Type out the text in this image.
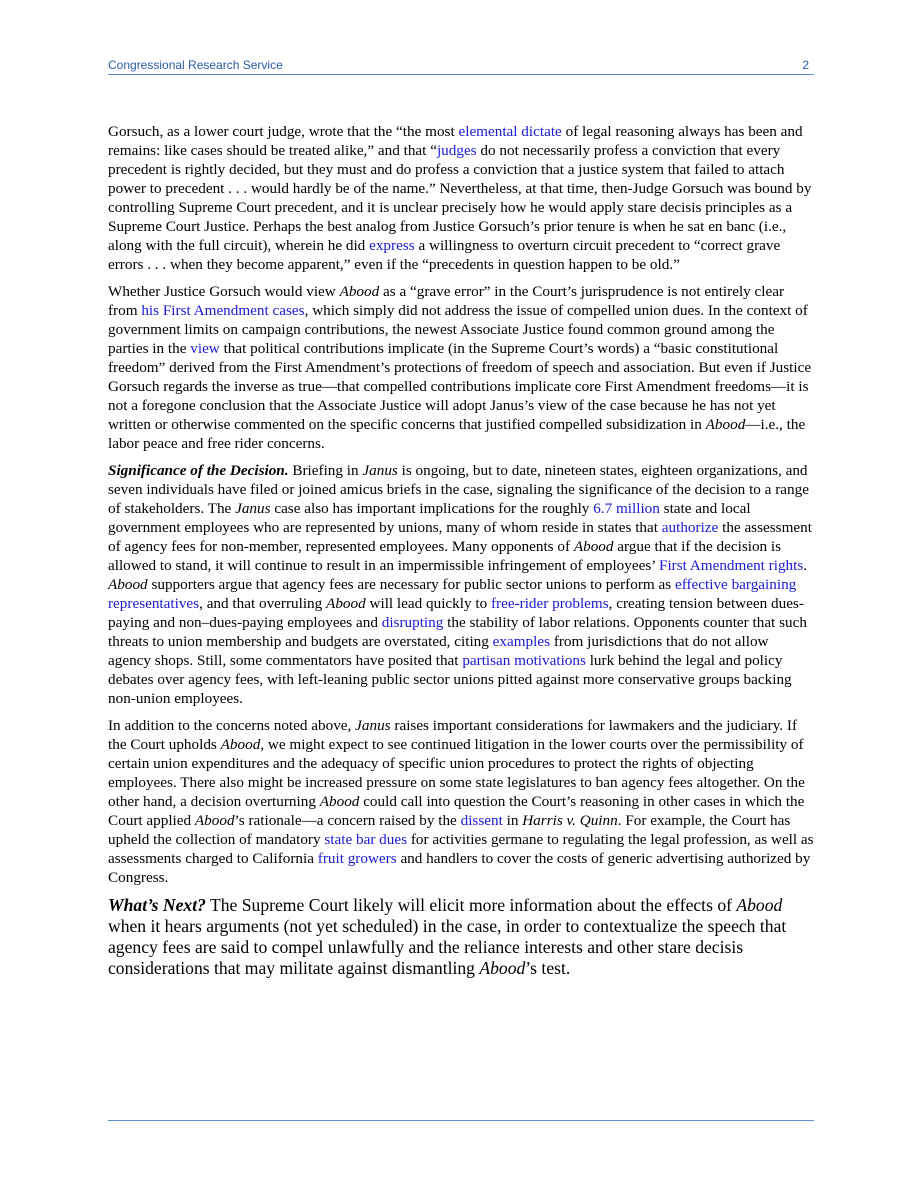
Congressional Research Service	2

Gorsuch, as a lower court judge, wrote that the “the most elemental dictate of legal reasoning always has been and remains: like cases should be treated alike,” and that “judges do not necessarily profess a conviction that every precedent is rightly decided, but they must and do profess a conviction that a justice system that failed to attach power to precedent . . . would hardly be of the name.” Nevertheless, at that time, then-Judge Gorsuch was bound by controlling Supreme Court precedent, and it is unclear precisely how he would apply stare decisis principles as a Supreme Court Justice. Perhaps the best analog from Justice Gorsuch’s prior tenure is when he sat en banc (i.e., along with the full circuit), wherein he did express a willingness to overturn circuit precedent to “correct grave errors . . . when they become apparent,” even if the “precedents in question happen to be old.”

Whether Justice Gorsuch would view Abood as a “grave error” in the Court’s jurisprudence is not entirely clear from his First Amendment cases, which simply did not address the issue of compelled union dues. In the context of government limits on campaign contributions, the newest Associate Justice found common ground among the parties in the view that political contributions implicate (in the Supreme Court’s words) a “basic constitutional freedom” derived from the First Amendment’s protections of freedom of speech and association. But even if Justice Gorsuch regards the inverse as true—that compelled contributions implicate core First Amendment freedoms—it is not a foregone conclusion that the Associate Justice will adopt Janus’s view of the case because he has not yet written or otherwise commented on the specific concerns that justified compelled subsidization in Abood—i.e., the labor peace and free rider concerns.

Significance of the Decision. Briefing in Janus is ongoing, but to date, nineteen states, eighteen organizations, and seven individuals have filed or joined amicus briefs in the case, signaling the significance of the decision to a range of stakeholders. The Janus case also has important implications for the roughly 6.7 million state and local government employees who are represented by unions, many of whom reside in states that authorize the assessment of agency fees for non-member, represented employees. Many opponents of Abood argue that if the decision is allowed to stand, it will continue to result in an impermissible infringement of employees’ First Amendment rights. Abood supporters argue that agency fees are necessary for public sector unions to perform as effective bargaining representatives, and that overruling Abood will lead quickly to free-rider problems, creating tension between dues-paying and non–dues-paying employees and disrupting the stability of labor relations. Opponents counter that such threats to union membership and budgets are overstated, citing examples from jurisdictions that do not allow agency shops. Still, some commentators have posited that partisan motivations lurk behind the legal and policy debates over agency fees, with left-leaning public sector unions pitted against more conservative groups backing non-union employees.

In addition to the concerns noted above, Janus raises important considerations for lawmakers and the judiciary. If the Court upholds Abood, we might expect to see continued litigation in the lower courts over the permissibility of certain union expenditures and the adequacy of specific union procedures to protect the rights of objecting employees. There also might be increased pressure on some state legislatures to ban agency fees altogether. On the other hand, a decision overturning Abood could call into question the Court’s reasoning in other cases in which the Court applied Abood’s rationale—a concern raised by the dissent in Harris v. Quinn. For example, the Court has upheld the collection of mandatory state bar dues for activities germane to regulating the legal profession, as well as assessments charged to California fruit growers and handlers to cover the costs of generic advertising authorized by Congress.

What’s Next? The Supreme Court likely will elicit more information about the effects of Abood when it hears arguments (not yet scheduled) in the case, in order to contextualize the speech that agency fees are said to compel unlawfully and the reliance interests and other stare decisis considerations that may militate against dismantling Abood’s test.
